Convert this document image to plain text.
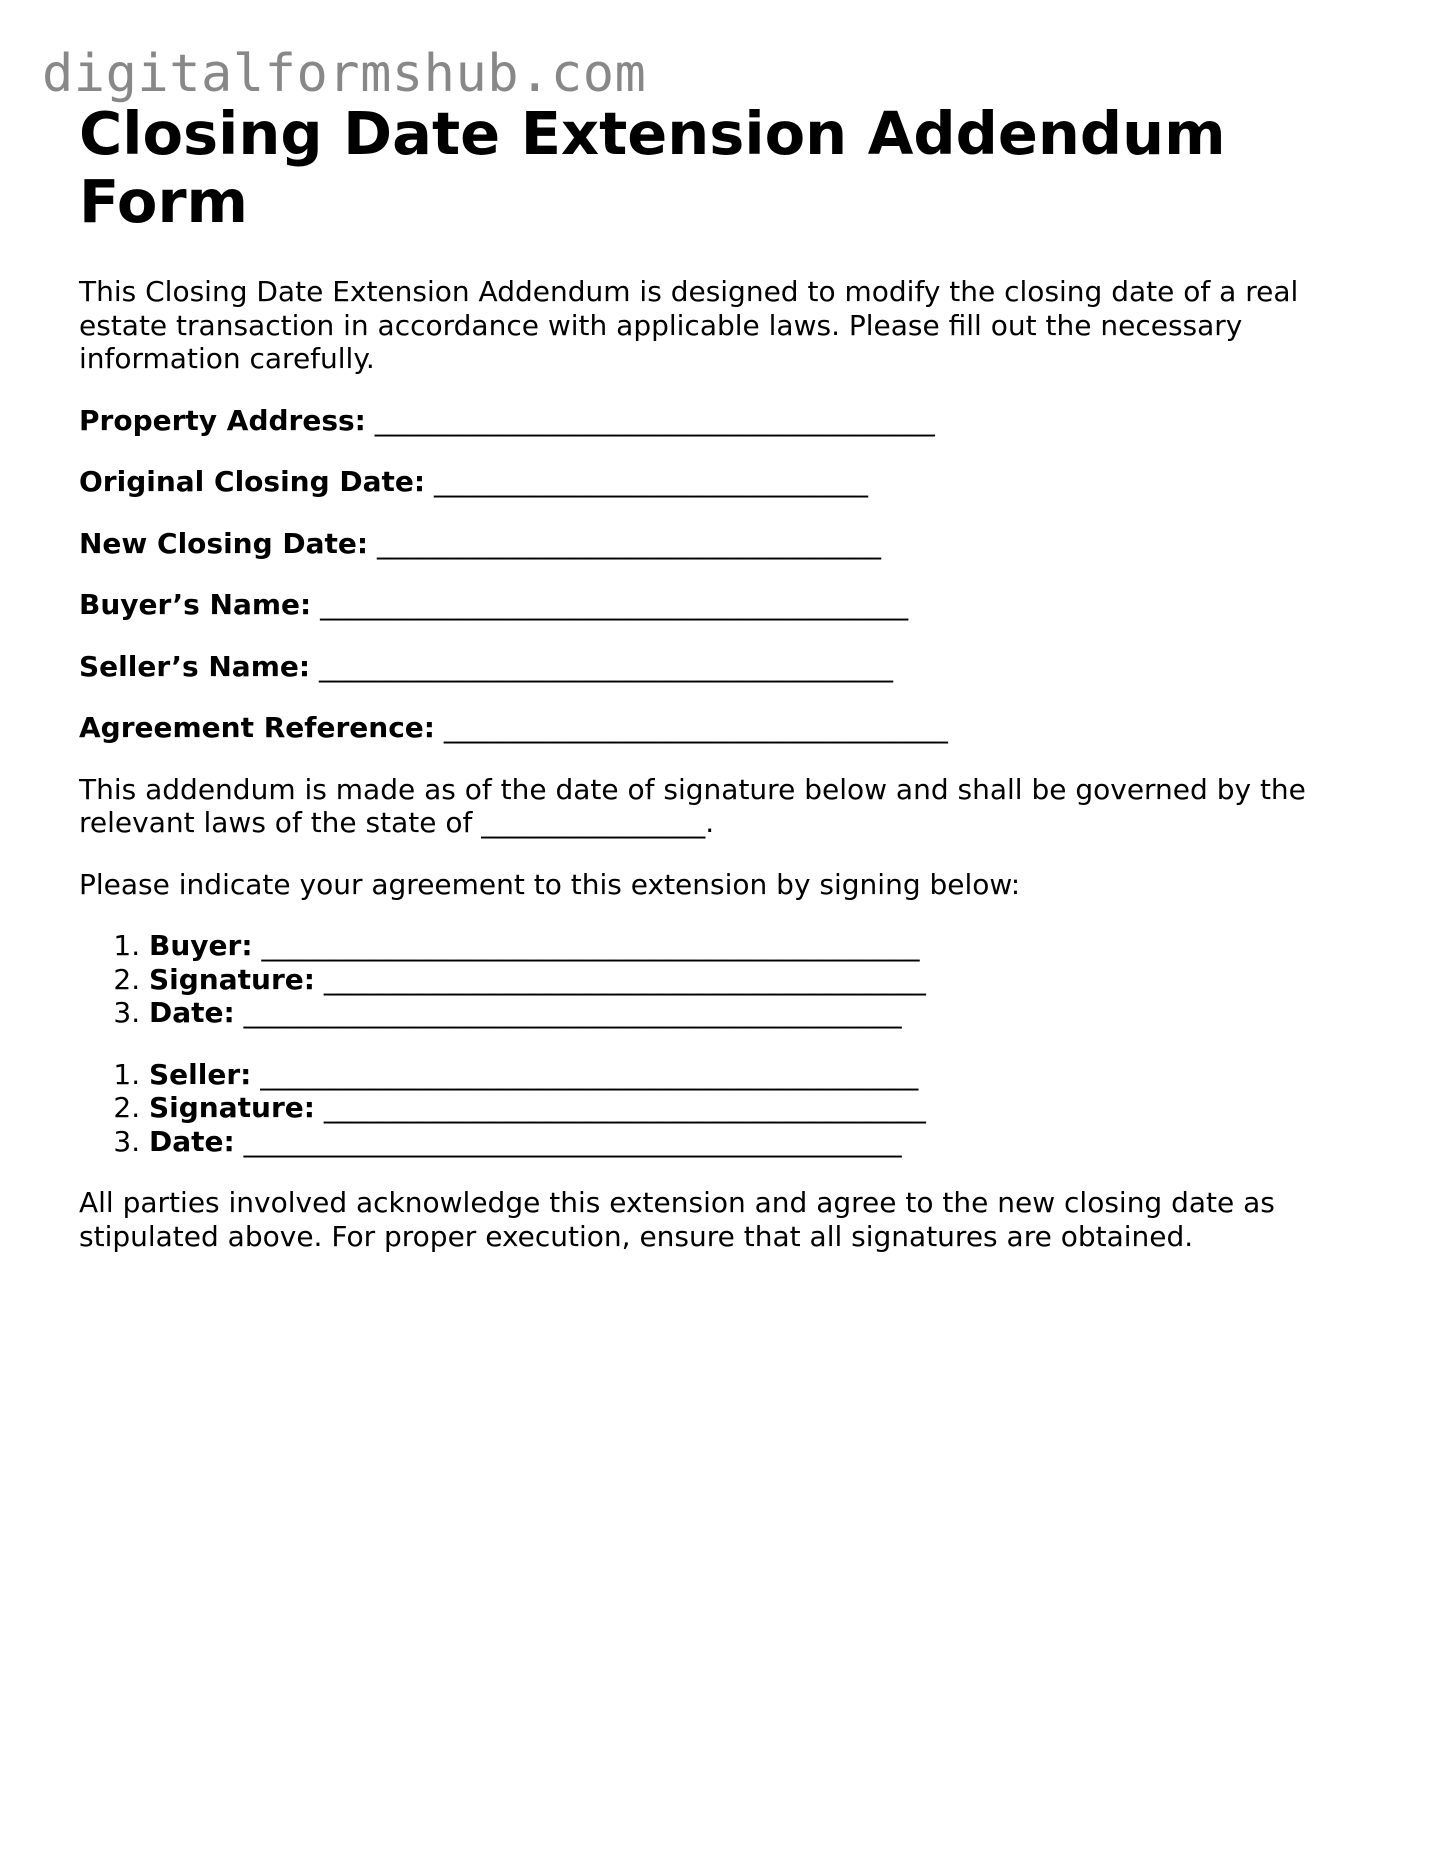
digitalformshub.com
Closing Date Extension Addendum Form

This Closing Date Extension Addendum is designed to modify the closing date of a real estate transaction in accordance with applicable laws. Please fill out the necessary information carefully.

Property Address: ________________________________________

Original Closing Date: _______________________________

New Closing Date: ____________________________________

Buyer’s Name: __________________________________________

Seller’s Name: _________________________________________

Agreement Reference: ____________________________________

This addendum is made as of the date of signature below and shall be governed by the relevant laws of the state of ________________.

Please indicate your agreement to this extension by signing below:

1. Buyer: _______________________________________________
2. Signature: ___________________________________________
3. Date: _______________________________________________
1. Seller: _______________________________________________
2. Signature: ___________________________________________
3. Date: _______________________________________________

All parties involved acknowledge this extension and agree to the new closing date as stipulated above. For proper execution, ensure that all signatures are obtained.
